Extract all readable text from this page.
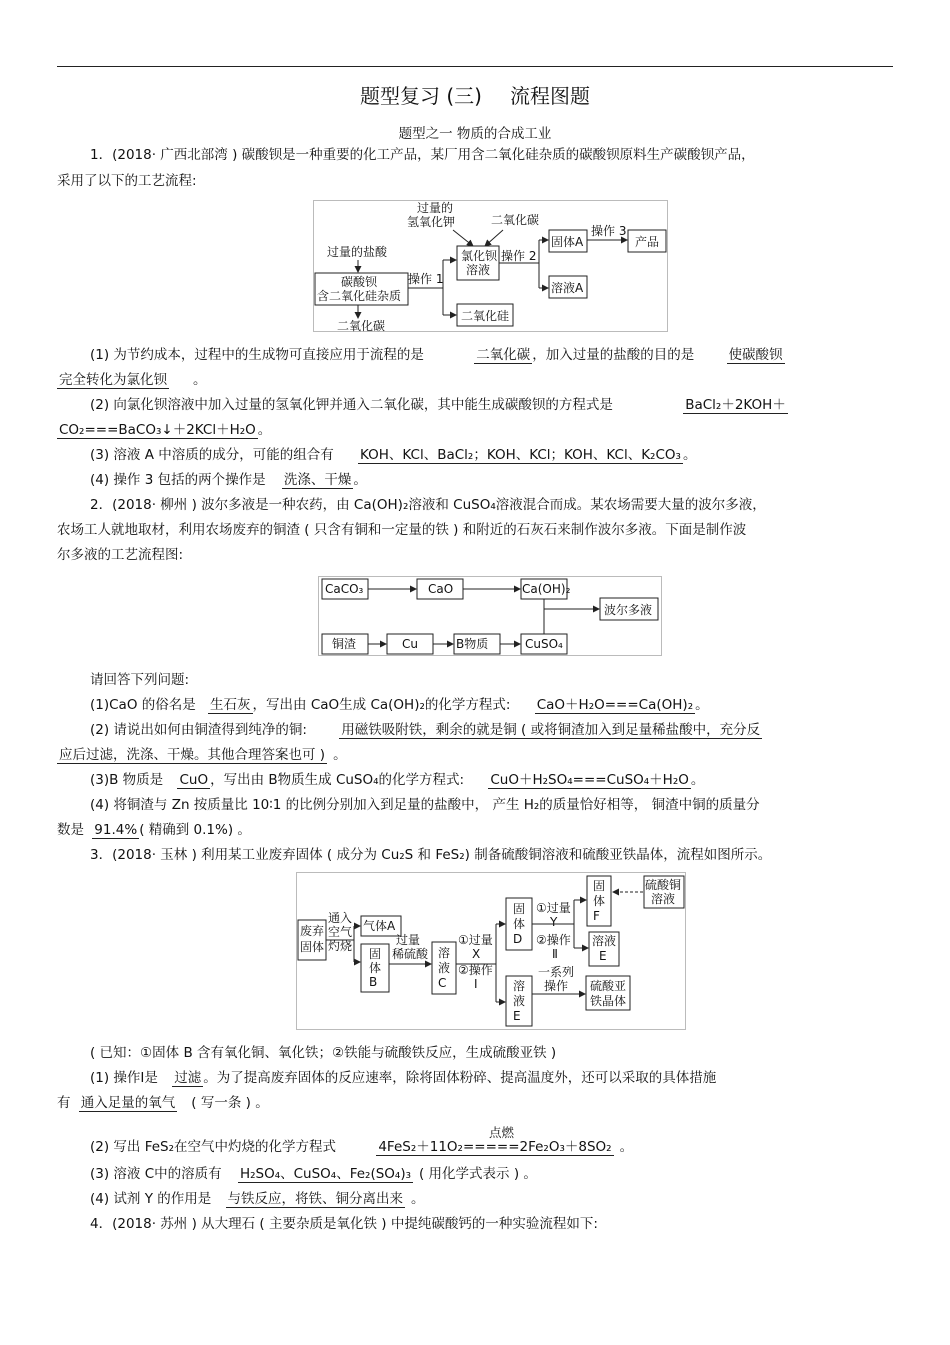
题型复习 (三) 流程图题
题型之一 物质的合成工业
1．(2018· 广西北部湾 ) 碳酸钡是一种重要的化工产品，某厂用含二氧化硅杂质的碳酸钡原料生产碳酸钡产品，
采用了以下的工艺流程:
过量的
氢氧化钾	二氧化碳
过量的盐酸
碳酸钡
含二氧化硅杂质
二氧化碳
操作 1
氯化钡
溶液
二氧化硅
操作 2
固体A
溶液A
操作 3
产品
(1) 为节约成本，过程中的生成物可直接应用于流程的是	二氧化碳 ，加入过量的盐酸的目的是	使碳酸钡
完全转化为氯化钡 。
(2) 向氯化钡溶液中加入过量的氢氧化钾并通入二氧化碳，其中能生成碳酸钡的方程式是	BaCl₂＋2KOH＋
CO₂===BaCO₃↓＋2KCl＋H₂O 。
(3) 溶液 A 中溶质的成分，可能的组合有 KOH、KCl、BaCl₂；KOH、KCl；KOH、KCl、K₂CO₃ 。
(4) 操作 3 包括的两个操作是 洗涤、干燥 。
2．(2018· 柳州 ) 波尔多液是一种农药，由 Ca(OH)₂溶液和 CuSO₄溶液混合而成。某农场需要大量的波尔多液，
农场工人就地取材，利用农场废弃的铜渣 ( 只含有铜和一定量的铁 ) 和附近的石灰石来制作波尔多液。下面是制作波
尔多液的工艺流程图:
CaCO₃	CaO	Ca(OH)₂
波尔多液
铜渣	Cu	B物质	CuSO₄
请回答下列问题:
(1)CaO 的俗名是 生石灰 ，写出由 CaO生成 Ca(OH)₂的化学方程式: CaO＋H₂O===Ca(OH)₂ 。
(2) 请说出如何由铜渣得到纯净的铜:	用磁铁吸附铁，剩余的就是铜 ( 或将铜渣加入到足量稀盐酸中，充分反
应后过滤，洗涤、干燥。其他合理答案也可 ) 。
(3)B 物质是 CuO ，写出由 B物质生成 CuSO₄的化学方程式: CuO＋H₂SO₄===CuSO₄＋H₂O 。
(4) 将铜渣与 Zn 按质量比 10∶1 的比例分别加入到足量的盐酸中， 产生 H₂的质量恰好相等， 铜渣中铜的质量分
数是 91.4% ( 精确到 0.1%) 。
3．(2018· 玉林 ) 利用某工业废弃固体 ( 成分为 Cu₂S 和 FeS₂) 制备硫酸铜溶液和硫酸亚铁晶体，流程如图所示。
废弃
固体
通入
空气
灼烧
气体A
固
体
B
过量
稀硫酸 溶
液
C
①过量
X
②操作
Ⅰ
固
体
D
①过量
Y
②操作
Ⅱ
固
体
F
硫酸铜
溶液
溶液
E
溶
液
E
一系列
操作 硫酸亚
铁晶体
( 已知：①固体 B 含有氧化铜、氧化铁；②铁能与硫酸铁反应，生成硫酸亚铁 )
(1) 操作Ⅰ是 过滤 。为了提高废弃固体的反应速率，除将固体粉碎、提高温度外，还可以采取的具体措施
有 通入足量的氧气 ( 写一条 ) 。
点燃
(2) 写出 FeS₂在空气中灼烧的化学方程式	4FeS₂＋11O₂=====2Fe₂O₃＋8SO₂ 。
(3) 溶液 C中的溶质有 H₂SO₄、CuSO₄、Fe₂(SO₄)₃ ( 用化学式表示 ) 。
(4) 试剂 Y 的作用是 与铁反应，将铁、铜分离出来 。
4．(2018· 苏州 ) 从大理石 ( 主要杂质是氧化铁 ) 中提纯碳酸钙的一种实验流程如下:
